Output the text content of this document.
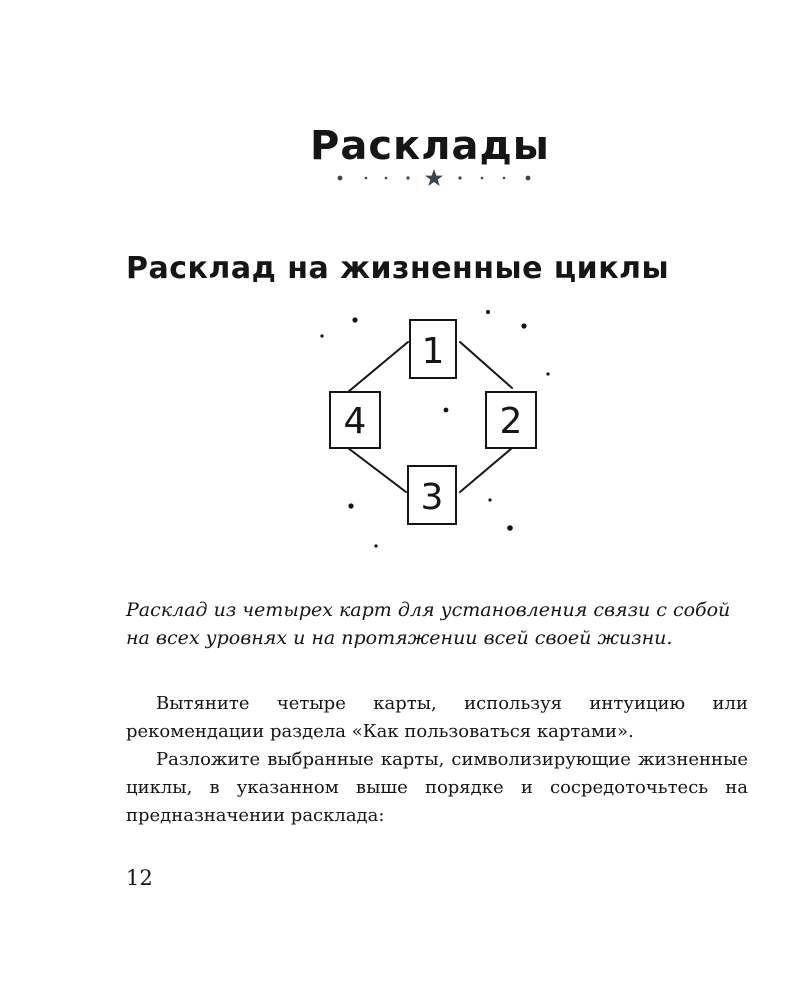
Расклады
Расклад на жизненные циклы
1
2
3
4

Расклад из четырех карт для установления связи с собой на всех уровнях и на протяжении всей своей жизни.

Вытяните четыре карты, используя интуицию или рекомендации раздела «Как пользоваться картами».

Разложите выбранные карты, символизирующие жизненные циклы, в указанном выше порядке и сосредоточьтесь на предназначении расклада:

12
